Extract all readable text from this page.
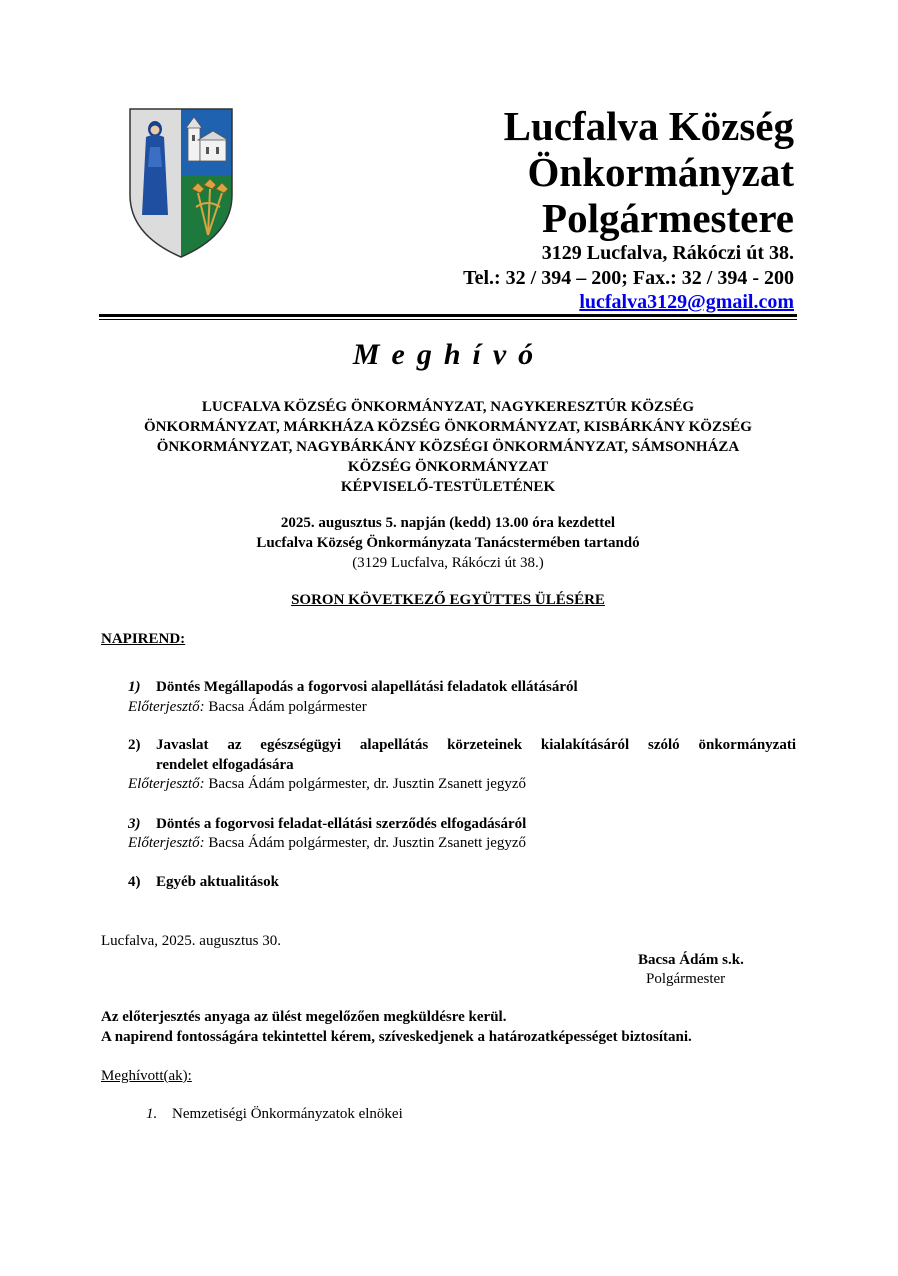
Lucfalva Község
Önkormányzat
Polgármestere
3129 Lucfalva, Rákóczi út 38.
Tel.: 32 / 394 – 200; Fax.: 32 / 394 - 200
lucfalva3129@gmail.com
Meghívó
LUCFALVA KÖZSÉG ÖNKORMÁNYZAT, NAGYKERESZTÚR KÖZSÉG
ÖNKORMÁNYZAT, MÁRKHÁZA KÖZSÉG ÖNKORMÁNYZAT, KISBÁRKÁNY KÖZSÉG
ÖNKORMÁNYZAT, NAGYBÁRKÁNY KÖZSÉGI ÖNKORMÁNYZAT, SÁMSONHÁZA
KÖZSÉG ÖNKORMÁNYZAT
KÉPVISELŐ-TESTÜLETÉNEK
2025. augusztus 5. napján (kedd) 13.00 óra kezdettel
Lucfalva Község Önkormányzata Tanácstermében tartandó
(3129 Lucfalva, Rákóczi út 38.)
SORON KÖVETKEZŐ EGYÜTTES ÜLÉSÉRE
NAPIREND:
1) Döntés Megállapodás a fogorvosi alapellátási feladatok ellátásáról
Előterjesztő: Bacsa Ádám polgármester
2) Javaslat az egészségügyi alapellátás körzeteinek kialakításáról szóló önkormányzati
rendelet elfogadására
Előterjesztő: Bacsa Ádám polgármester, dr. Jusztin Zsanett jegyző
3) Döntés a fogorvosi feladat-ellátási szerződés elfogadásáról
Előterjesztő: Bacsa Ádám polgármester, dr. Jusztin Zsanett jegyző
4) Egyéb aktualitások
Lucfalva, 2025. augusztus 30.
Bacsa Ádám s.k.
Polgármester
Az előterjesztés anyaga az ülést megelőzően megküldésre kerül.
A napirend fontosságára tekintettel kérem, szíveskedjenek a határozatképességet biztosítani.
Meghívott(ak):
1. Nemzetiségi Önkormányzatok elnökei
